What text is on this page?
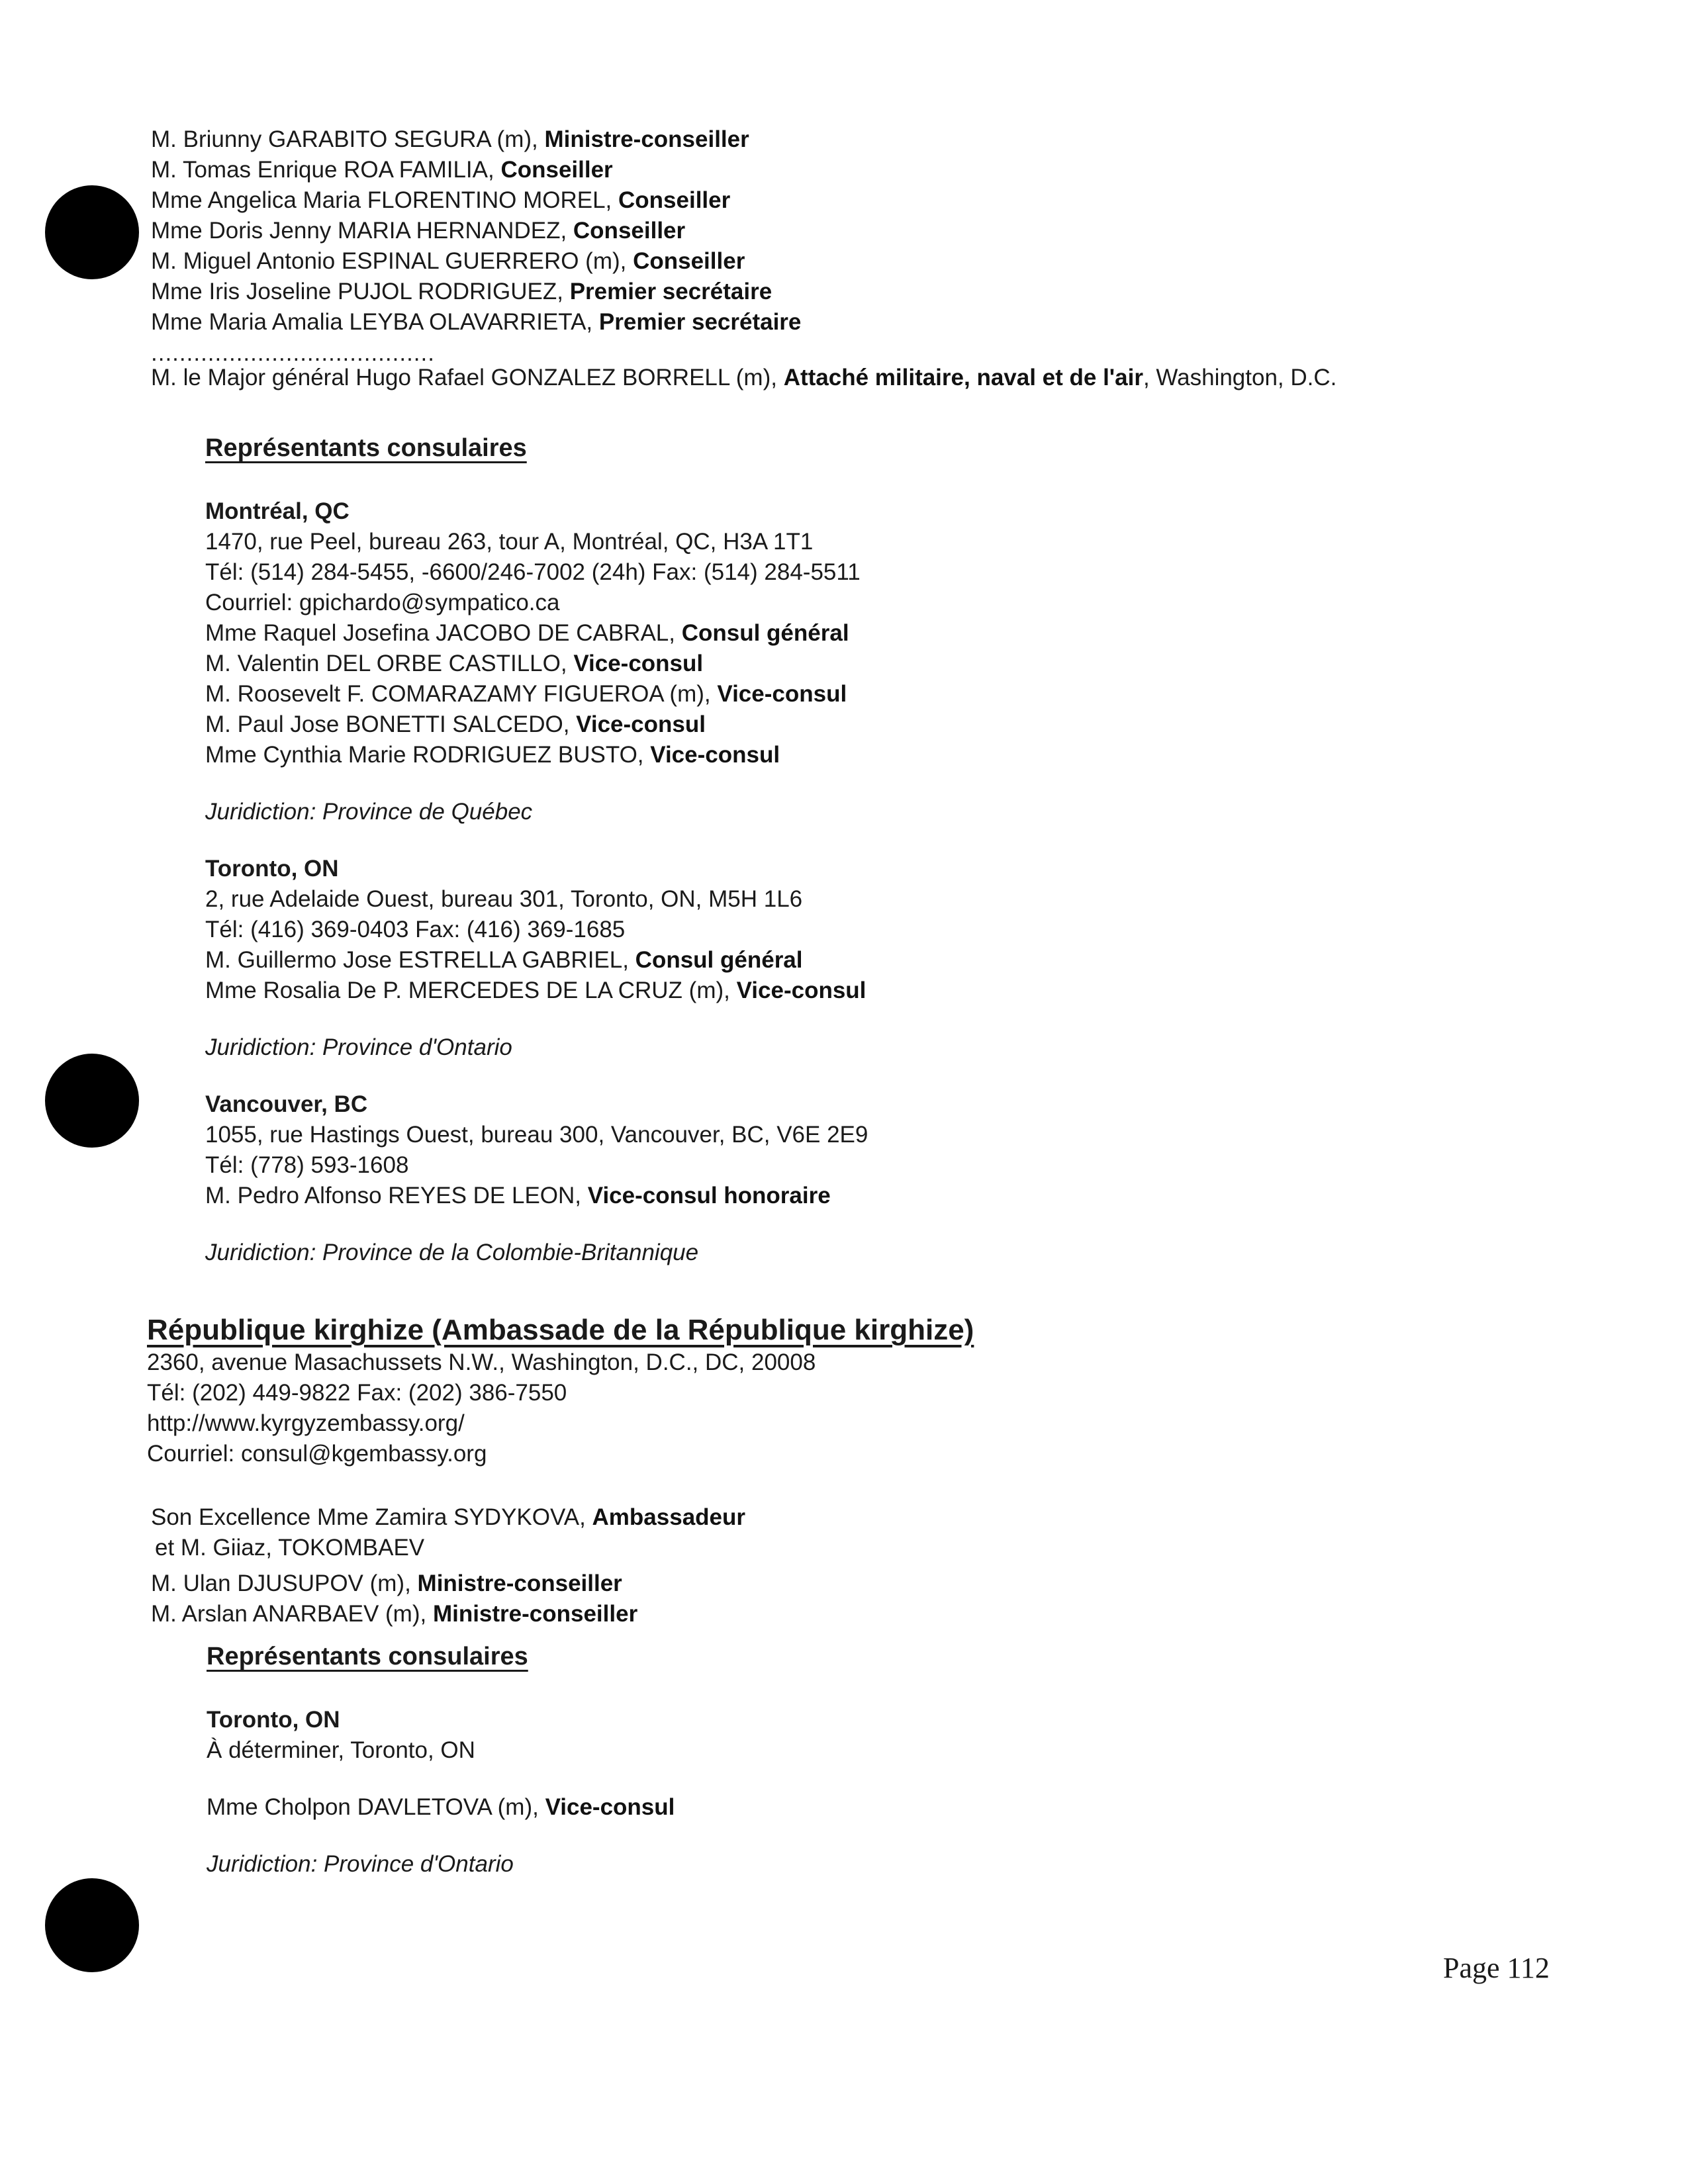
M. Briunny GARABITO SEGURA (m), Ministre-conseiller
M. Tomas Enrique ROA FAMILIA, Conseiller
Mme Angelica Maria FLORENTINO MOREL, Conseiller
Mme Doris Jenny MARIA HERNANDEZ, Conseiller
M. Miguel Antonio ESPINAL GUERRERO (m), Conseiller
Mme Iris Joseline PUJOL RODRIGUEZ, Premier secrétaire
Mme Maria Amalia LEYBA OLAVARRIETA, Premier secrétaire
........................................
M. le Major général Hugo Rafael GONZALEZ BORRELL (m), Attaché militaire, naval et de l'air, Washington, D.C.
Représentants consulaires
Montréal, QC
1470, rue Peel, bureau 263, tour A, Montréal, QC, H3A 1T1
Tél: (514) 284-5455, -6600/246-7002 (24h) Fax: (514) 284-5511
Courriel: gpichardo@sympatico.ca
Mme Raquel Josefina JACOBO DE CABRAL, Consul général
M. Valentin DEL ORBE CASTILLO, Vice-consul
M. Roosevelt F. COMARAZAMY FIGUEROA (m), Vice-consul
M. Paul Jose BONETTI SALCEDO, Vice-consul
Mme Cynthia Marie RODRIGUEZ BUSTO, Vice-consul
Juridiction: Province de Québec
Toronto, ON
2, rue Adelaide Ouest, bureau 301, Toronto, ON, M5H 1L6
Tél: (416) 369-0403 Fax: (416) 369-1685
M. Guillermo Jose ESTRELLA GABRIEL, Consul général
Mme Rosalia De P. MERCEDES DE LA CRUZ (m), Vice-consul
Juridiction: Province d'Ontario
Vancouver, BC
1055, rue Hastings Ouest, bureau 300, Vancouver, BC, V6E 2E9
Tél: (778) 593-1608
M. Pedro Alfonso REYES DE LEON, Vice-consul honoraire
Juridiction: Province de la Colombie-Britannique
République kirghize (Ambassade de la République kirghize)
2360, avenue Masachussets N.W., Washington, D.C., DC, 20008
Tél: (202) 449-9822 Fax: (202) 386-7550
http://www.kyrgyzembassy.org/
Courriel: consul@kgembassy.org
Son Excellence Mme Zamira SYDYKOVA, Ambassadeur
et M. Giiaz, TOKOMBAEV
M. Ulan DJUSUPOV (m), Ministre-conseiller
M. Arslan ANARBAEV (m), Ministre-conseiller
Représentants consulaires
Toronto, ON
À déterminer, Toronto, ON
Mme Cholpon DAVLETOVA (m), Vice-consul
Juridiction: Province d'Ontario
Page 112
